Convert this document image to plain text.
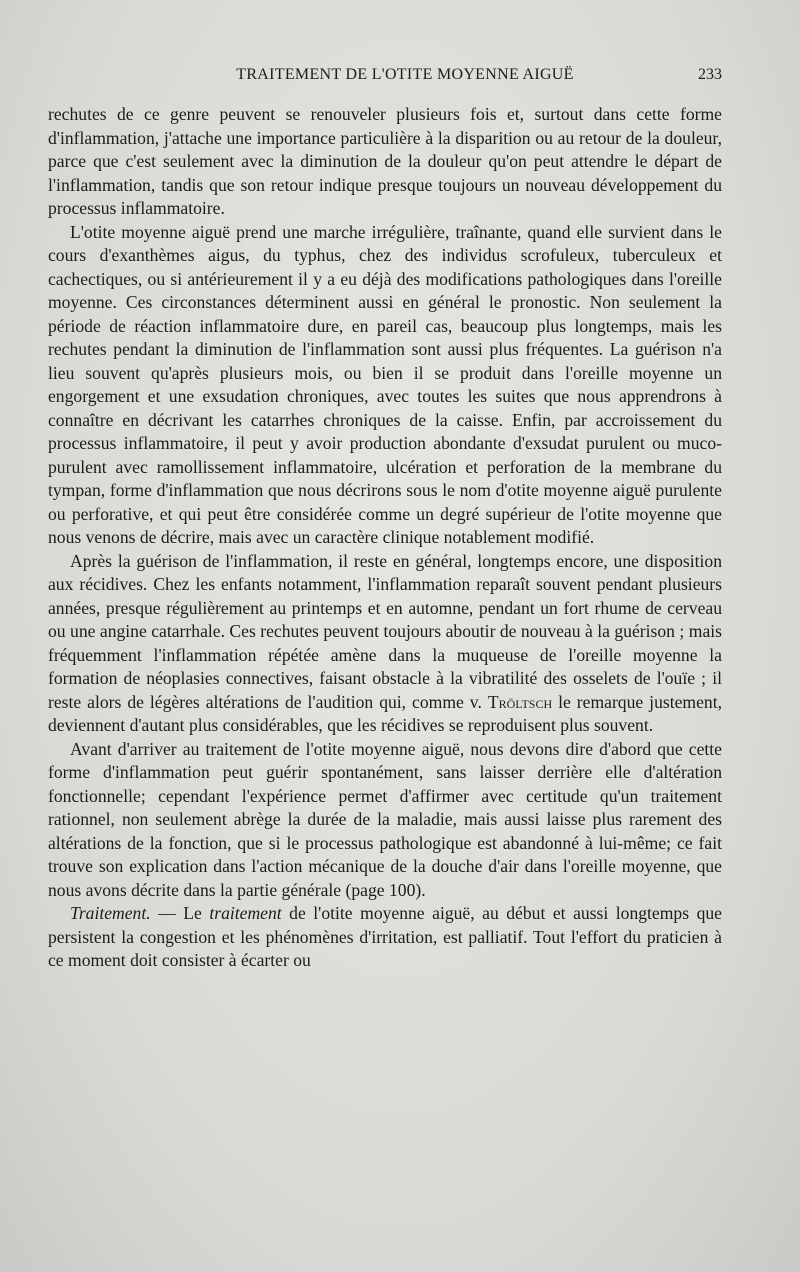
TRAITEMENT DE L'OTITE MOYENNE AIGUË	233

rechutes de ce genre peuvent se renouveler plusieurs fois et, surtout dans cette forme d'inflammation, j'attache une importance particulière à la disparition ou au retour de la douleur, parce que c'est seulement avec la diminution de la douleur qu'on peut attendre le départ de l'inflammation, tandis que son retour indique presque toujours un nouveau développement du processus inflammatoire.

L'otite moyenne aiguë prend une marche irrégulière, traînante, quand elle survient dans le cours d'exanthèmes aigus, du typhus, chez des individus scrofuleux, tuberculeux et cachectiques, ou si antérieurement il y a eu déjà des modifications pathologiques dans l'oreille moyenne. Ces circonstances déterminent aussi en général le pronostic. Non seulement la période de réaction inflammatoire dure, en pareil cas, beaucoup plus longtemps, mais les rechutes pendant la diminution de l'inflammation sont aussi plus fréquentes. La guérison n'a lieu souvent qu'après plusieurs mois, ou bien il se produit dans l'oreille moyenne un engorgement et une exsudation chroniques, avec toutes les suites que nous apprendrons à connaître en décrivant les catarrhes chroniques de la caisse. Enfin, par accroissement du processus inflammatoire, il peut y avoir production abondante d'exsudat purulent ou muco-purulent avec ramollissement inflammatoire, ulcération et perforation de la membrane du tympan, forme d'inflammation que nous décrirons sous le nom d'otite moyenne aiguë purulente ou perforative, et qui peut être considérée comme un degré supérieur de l'otite moyenne que nous venons de décrire, mais avec un caractère clinique notablement modifié.

Après la guérison de l'inflammation, il reste en général, longtemps encore, une disposition aux récidives. Chez les enfants notamment, l'inflammation reparaît souvent pendant plusieurs années, presque régulièrement au printemps et en automne, pendant un fort rhume de cerveau ou une angine catarrhale. Ces rechutes peuvent toujours aboutir de nouveau à la guérison ; mais fréquemment l'inflammation répétée amène dans la muqueuse de l'oreille moyenne la formation de néoplasies connectives, faisant obstacle à la vibratilité des osselets de l'ouïe ; il reste alors de légères altérations de l'audition qui, comme v. Tröltsch le remarque justement, deviennent d'autant plus considérables, que les récidives se reproduisent plus souvent.

Avant d'arriver au traitement de l'otite moyenne aiguë, nous devons dire d'abord que cette forme d'inflammation peut guérir spontanément, sans laisser derrière elle d'altération fonctionnelle; cependant l'expérience permet d'affirmer avec certitude qu'un traitement rationnel, non seulement abrège la durée de la maladie, mais aussi laisse plus rarement des altérations de la fonction, que si le processus pathologique est abandonné à lui-même; ce fait trouve son explication dans l'action mécanique de la douche d'air dans l'oreille moyenne, que nous avons décrite dans la partie générale (page 100).

Traitement. — Le traitement de l'otite moyenne aiguë, au début et aussi longtemps que persistent la congestion et les phénomènes d'irritation, est palliatif. Tout l'effort du praticien à ce moment doit consister à écarter ou
